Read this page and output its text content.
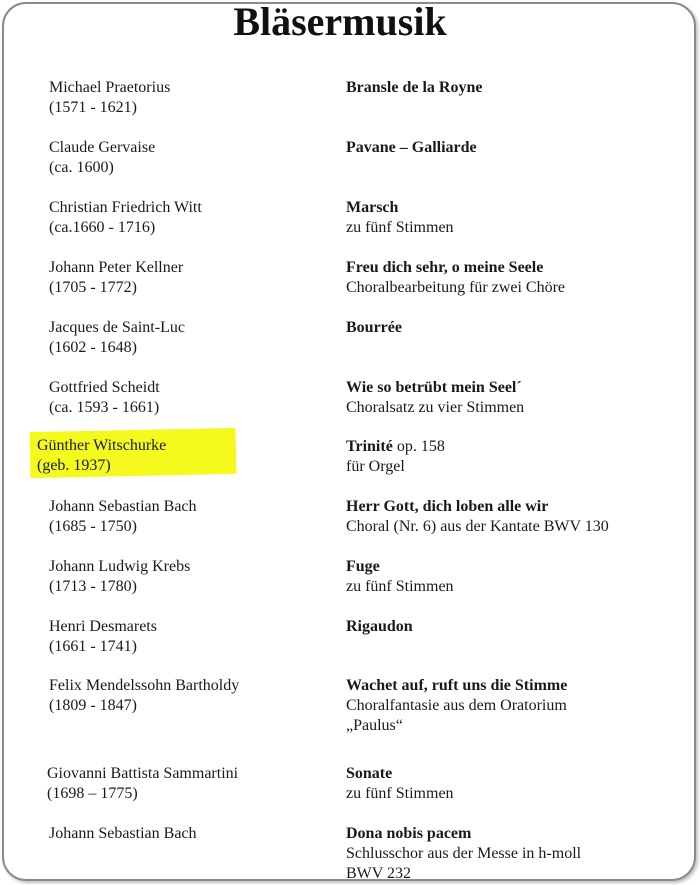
Bläsermusik
Michael Praetorius
(1571 - 1621)
Bransle de la Royne
Claude Gervaise
(ca. 1600)
Pavane – Galliarde
Christian Friedrich Witt
(ca.1660 - 1716)
Marsch
zu fünf Stimmen
Johann Peter Kellner
(1705 - 1772)
Freu dich sehr, o meine Seele
Choralbearbeitung für zwei Chöre
Jacques de Saint-Luc
(1602 - 1648)
Bourrée
Gottfried Scheidt
(ca. 1593 - 1661)
Wie so betrübt mein Seel´
Choralsatz zu vier Stimmen
Günther Witschurke
(geb. 1937)
Trinité op. 158
für Orgel
Johann Sebastian Bach
(1685 - 1750)
Herr Gott, dich loben alle wir
Choral (Nr. 6) aus der Kantate BWV 130
Johann Ludwig Krebs
(1713 - 1780)
Fuge
zu fünf Stimmen
Henri Desmarets
(1661 - 1741)
Rigaudon
Felix Mendelssohn Bartholdy
(1809 - 1847)
Wachet auf, ruft uns die Stimme
Choralfantasie aus dem Oratorium
„Paulus“
Giovanni Battista Sammartini
(1698 – 1775)
Sonate
zu fünf Stimmen
Johann Sebastian Bach	Dona nobis pacem
Schlusschor aus der Messe in h-moll
BWV 232
